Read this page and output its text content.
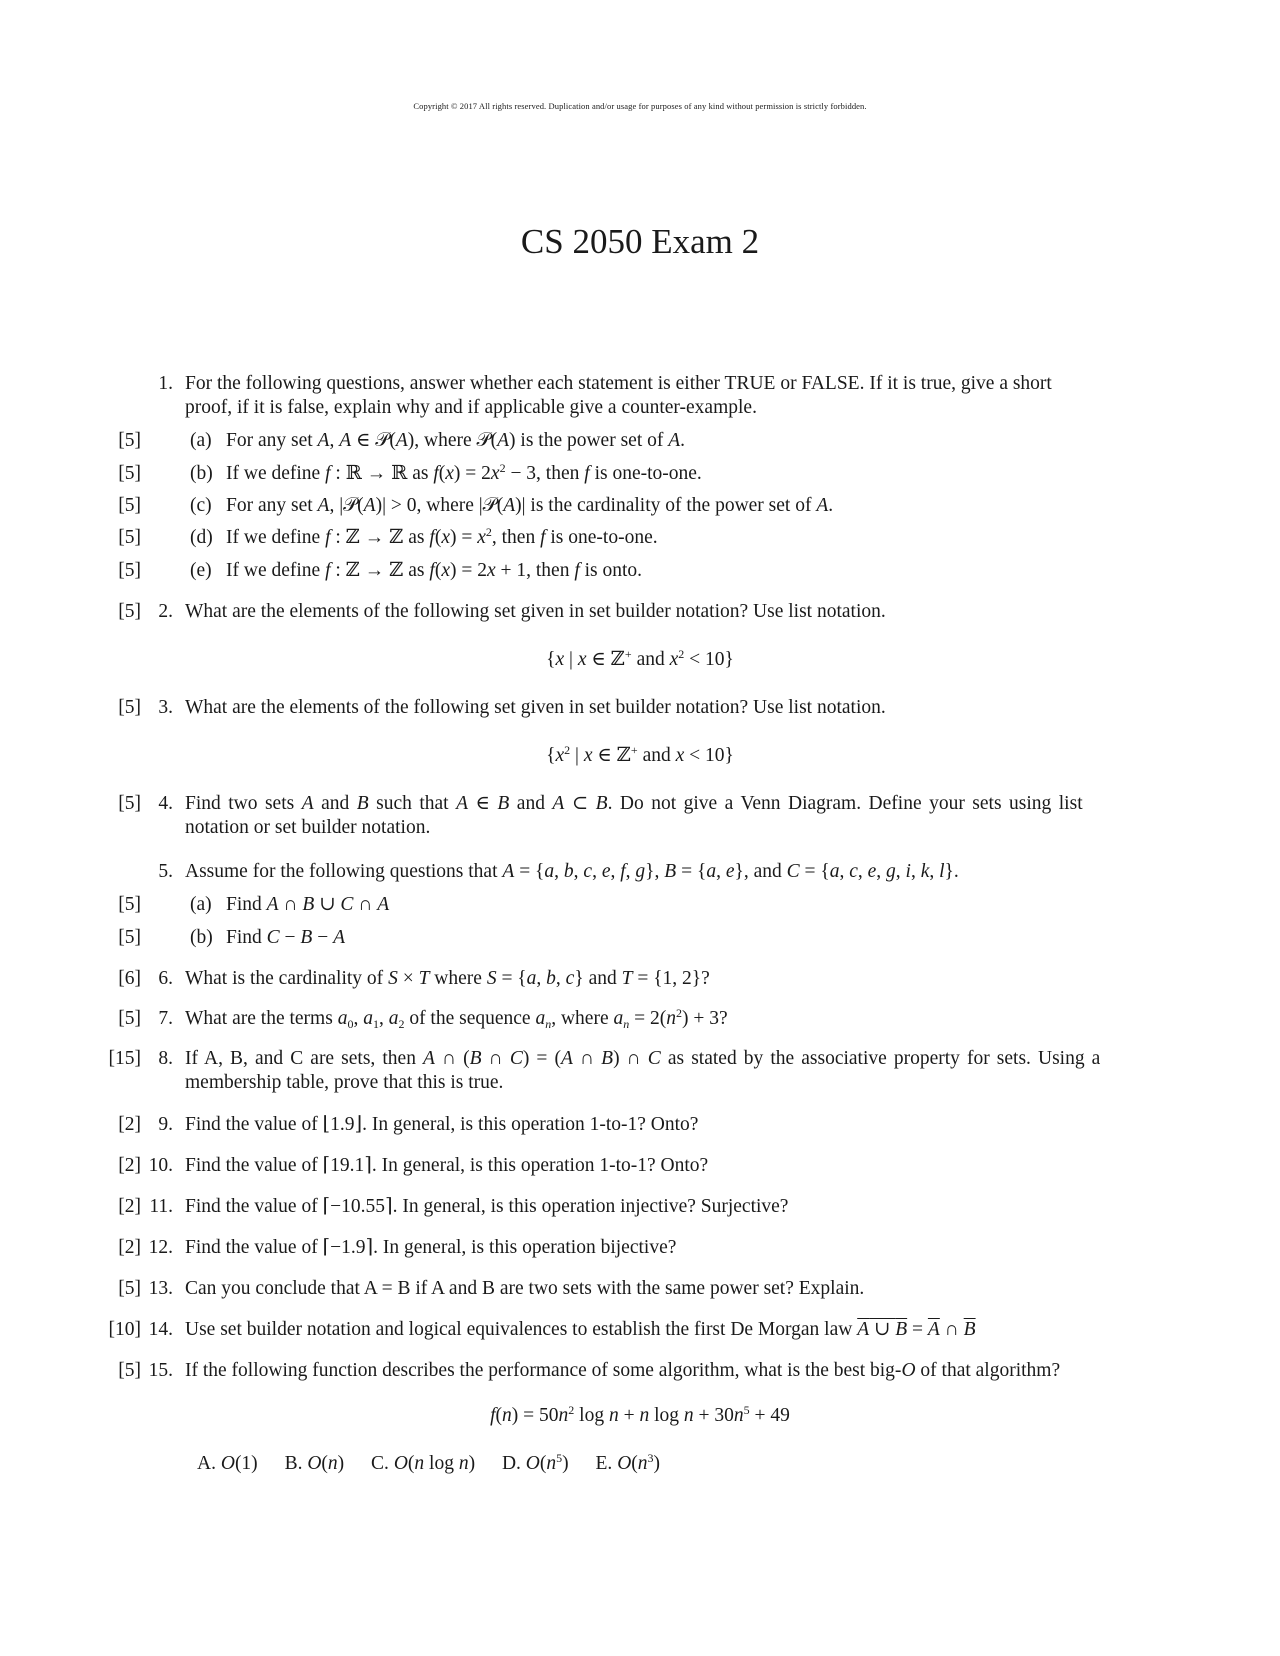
Copyright © 2017 All rights reserved. Duplication and/or usage for purposes of any kind without permission is strictly forbidden.
CS 2050 Exam 2
1. For the following questions, answer whether each statement is either TRUE or FALSE. If it is true, give a short
proof, if it is false, explain why and if applicable give a counter-example.
[5]	(a) For any set A, A ∈ 𝒫(A), where 𝒫(A) is the power set of A.
[5]	(b) If we define f : ℝ → ℝ as $f(x) = 2x^2 - 3$, then f is one-to-one.
[5]	(c) For any set A, |𝒫(A)| > 0, where |𝒫(A)| is the cardinality of the power set of A.
[5]	(d) If we define f : ℤ → ℤ as $f(x) = x^2$, then f is one-to-one.
[5]	(e) If we define f : ℤ → ℤ as f(x) = 2x + 1, then f is onto.
[5] 2. What are the elements of the following set given in set builder notation? Use list notation.
{x | x ∈ ℤ+ and $x^2 < 10$}
[5] 3. What are the elements of the following set given in set builder notation? Use list notation.
{$x^2$ | x ∈ ℤ+ and x < 10}
[5] 4. Find two sets A and B such that A ∈ B and A ⊂ B. Do not give a Venn Diagram. Define your sets using list
notation or set builder notation.
5. Assume for the following questions that A = {a, b, c, e, f, g}, B = {a, e}, and C = {a, c, e, g, i, k, l}.
[5]	(a) Find A ∩ B ∪ C ∩ A
[5]	(b) Find C − B − A
[6] 6. What is the cardinality of S × T where S = {a, b, c} and T = {1, 2}?
[5] 7. What are the terms $a_0$, $a_1$, $a_2$ of the sequence $a_n$, where $a_n = 2(n^2) + 3$?
[15] 8. If A, B, and C are sets, then A ∩ (B ∩ C) = (A ∩ B) ∩ C as stated by the associative property for sets. Using a
membership table, prove that this is true.
[2] 9. Find the value of ⌊1.9⌋. In general, is this operation 1-to-1? Onto?
[2] 10. Find the value of ⌈19.1⌉. In general, is this operation 1-to-1? Onto?
[2] 11. Find the value of ⌈−10.55⌉. In general, is this operation injective? Surjective?
[2] 12. Find the value of ⌈−1.9⌉. In general, is this operation bijective?
[5] 13. Can you conclude that A = B if A and B are two sets with the same power set? Explain.
[10] 14. Use set builder notation and logical equivalences to establish the first De Morgan law A ∪ $B = \overline{A}$ ∩ $\overline{B}$
[5] 15. If the following function describes the performance of some algorithm, what is the best big-O of that algorithm?
$f(n) = 50n^2$ log n + n $\log n + 30n^5 + 49$
A. O(1) B. O(n) C. O(n log n) D. $O(n^5)$ E. $O(n^3)$
